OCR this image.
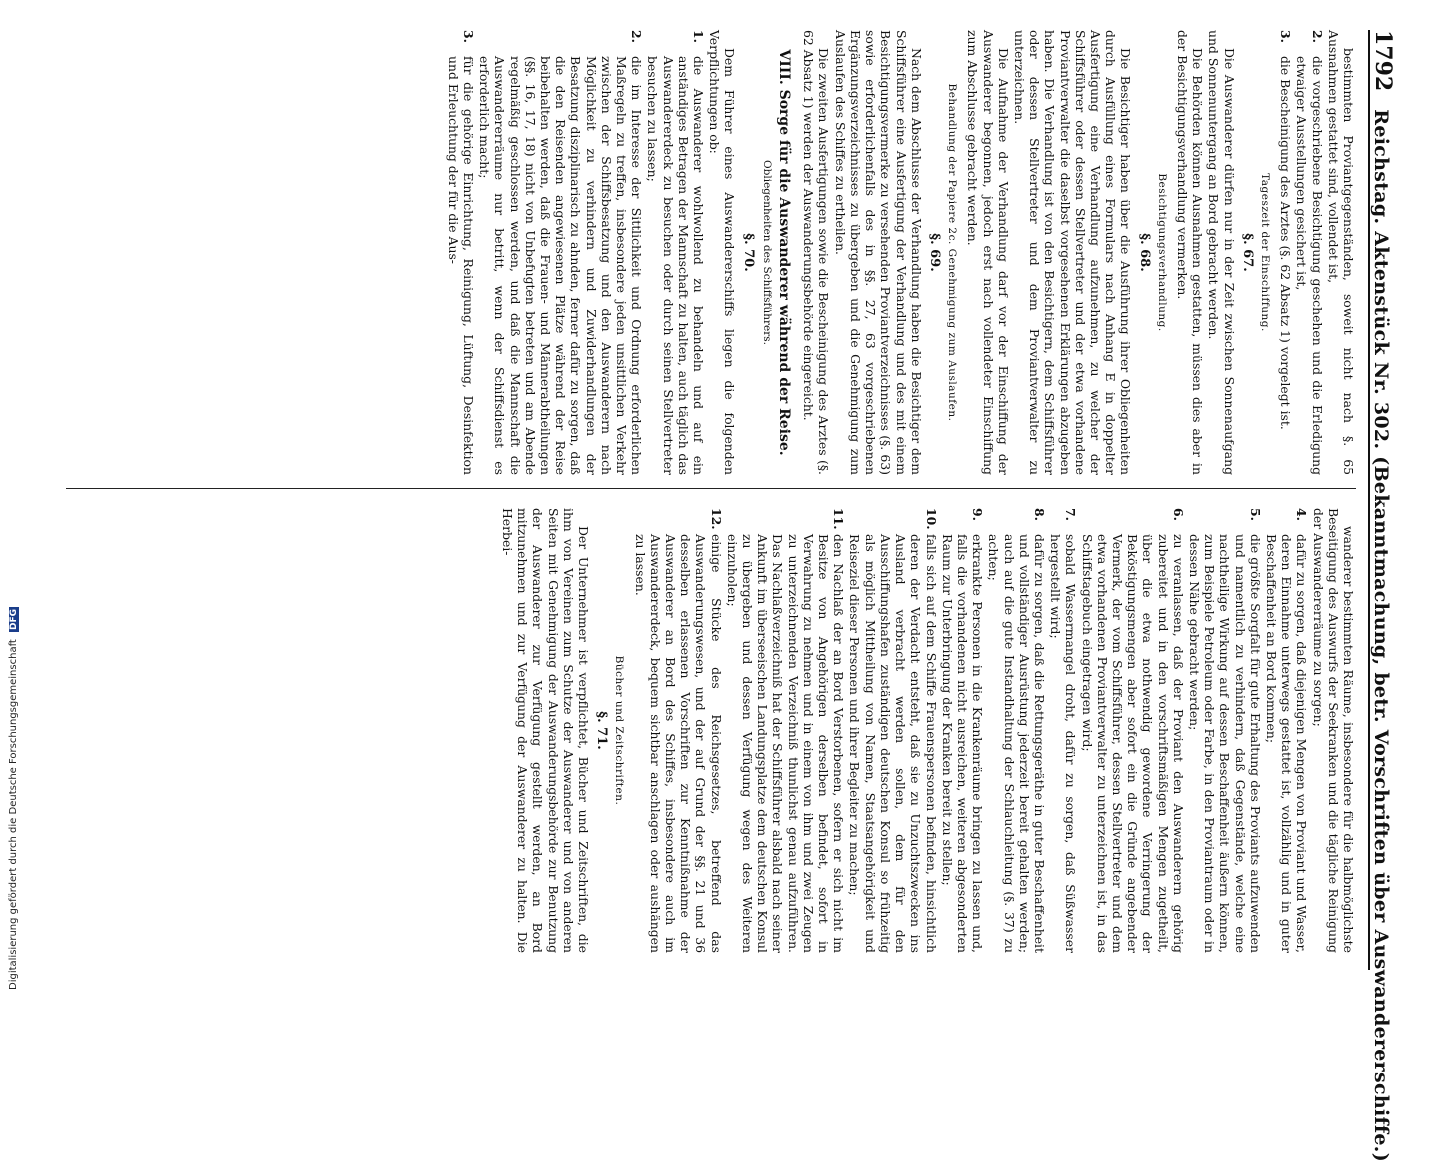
1792
Reichstag. Aktenstück Nr. 302. (Bekanntmachung, betr. Vorschriften über Auswandererschiffe.)
bestimmten Proviantgegenständen, soweit nicht nach §. 65 Ausnahmen gestattet sind, vollendet ist,
2.
die vorgeschriebene Besichtigung geschehen und die Erledigung etwaiger Ausstellungen gesichert ist,
3.
die Bescheinigung des Arztes (§. 62 Absatz 1) vorgelegt ist.
Tageszeit der Einschiffung.
§. 67.
Die Auswanderer dürfen nur in der Zeit zwischen Sonnenaufgang und Sonnenuntergang an Bord gebracht werden.
Die Behörden können Ausnahmen gestatten, müssen dies aber in der Besichtigungsverhandlung vermerken.
Besichtigungsverhandlung.
§. 68.
Die Besichtiger haben über die Ausführung ihrer Obliegenheiten durch Ausfüllung eines Formulars nach Anhang E in doppelter Ausfertigung eine Verhandlung aufzunehmen, zu welcher der Schiffsführer oder dessen Stellvertreter und der etwa vorhandene Proviantverwalter die daselbst vorgesehenen Erklärungen abzugeben haben. Die Verhandlung ist von den Besichtigern, dem Schiffsführer oder dessen Stellvertreter und dem Proviantverwalter zu unterzeichnen.
Die Aufnahme der Verhandlung darf vor der Einschiffung der Auswanderer begonnen, jedoch erst nach vollendeter Einschiffung zum Abschlusse gebracht werden.
Behandlung der Papiere 2c. Genehmigung zum Auslaufen.
§. 69.
Nach dem Abschlusse der Verhandlung haben die Besichtiger dem Schiffsführer eine Ausfertigung der Verhandlung und des mit einem Besichtigungsvermerke zu versehenden Proviantverzeichnisses (§. 63) sowie erforderlichenfalls des in §§. 27, 63 vorgeschriebenen Ergänzungsverzeichnisses zu übergeben und die Genehmigung zum Auslaufen des Schiffes zu ertheilen.
Die zweiten Ausfertigungen sowie die Bescheinigung des Arztes (§. 62 Absatz 1) werden der Auswanderungsbehörde eingereicht.
VIII. Sorge für die Auswanderer während der Reise.
Obliegenheiten des Schiffsführers.
§. 70.
Dem Führer eines Auswandererschiffs liegen die folgenden Verpflichtungen ob:
1.
die Auswanderer wohlwollend zu behandeln und auf ein anständiges Betragen der Mannschaft zu halten, auch täglich das Auswandererdeck zu besuchen oder durch seinen Stellvertreter besuchen zu lassen;
2.
die im Interesse der Sittlichkeit und Ordnung erforderlichen Maßregeln zu treffen, insbesondere jeden unsittlichen Verkehr zwischen der Schiffsbesatzung und den Auswanderern nach Möglichkeit zu verhindern und Zuwiderhandlungen der Besatzung disziplinarisch zu ahnden, ferner dafür zu sorgen, daß die den Reisenden angewiesenen Plätze während der Reise beibehalten werden, daß die Frauen- und Männerabtheilungen (§§. 16, 17, 18) nicht von Unbefugten betreten und am Abende regelmäßig geschlossen werden, und daß die Mannschaft die Auswandererräume nur betritt, wenn der Schiffsdienst es erforderlich macht;
3.
für die gehörige Einrichtung, Reinigung, Lüftung, Desinfektion und Erleuchtung der für die Aus-
wanderer bestimmten Räume, insbesondere für die halbmöglichste Beseitigung des Auswurfs der Seekranken und die tägliche Reinigung der Auswandererräume zu sorgen;
4.
dafür zu sorgen, daß diejenigen Mengen von Proviant und Wasser, deren Einnahme unterwegs gestattet ist, vollzählig und in guter Beschaffenheit an Bord kommen;
5.
die größte Sorgfalt für gute Erhaltung des Proviants aufzuwenden und namentlich zu verhindern, daß Gegenstände, welche eine nachtheilige Wirkung auf dessen Beschaffenheit äußern können, zum Beispiele Petroleum oder Farbe, in den Proviantraum oder in dessen Nähe gebracht werden;
6.
zu veranlassen, daß der Proviant den Auswanderern gehörig zubereitet und in den vorschriftsmäßigen Mengen zugetheilt, über die etwa nothwendig gewordene Verringerung der Beköstigungsmengen aber sofort ein die Gründe angebender Vermerk, der vom Schiffsführer, dessen Stellvertreter und dem etwa vorhandenen Proviantverwalter zu unterzeichnen ist, in das Schiffstagebuch eingetragen wird;
7.
sobald Wassermangel droht, dafür zu sorgen, daß Süßwasser hergestellt wird;
8.
dafür zu sorgen, daß die Rettungsgeräthe in guter Beschaffenheit und vollständiger Ausrüstung jederzeit bereit gehalten werden; auch auf die gute Instandhaltung der Schlauchleitung (§. 37) zu achten;
9.
erkrankte Personen in die Krankenräume bringen zu lassen und, falls die vorhandenen nicht ausreichen, weiteren abgesonderten Raum zur Unterbringung der Kranken bereit zu stellen;
10.
falls sich auf dem Schiffe Frauenspersonen befinden, hinsichtlich deren der Verdacht entsteht, daß sie zu Unzuchtszwecken ins Ausland verbracht werden sollen, dem für den Ausschiffungshafen zuständigen deutschen Konsul so frühzeitig als möglich Mittheilung von Namen, Staatsangehörigkeit und Reiseziel dieser Personen und ihrer Begleiter zu machen;
11.
den Nachlaß der an Bord Verstorbenen, sofern er sich nicht im Besitze von Angehörigen derselben befindet, sofort in Verwahrung zu nehmen und in einem von ihm und zwei Zeugen zu unterzeichnenden Verzeichniß thunlichst genau aufzuführen. Das Nachlaßverzeichniß hat der Schiffsführer alsbald nach seiner Ankunft im überseeischen Landungsplatze dem deutschen Konsul zu übergeben und dessen Verfügung wegen des Weiteren einzuholen;
12.
einige Stücke des Reichsgesetzes, betreffend das Auswanderungswesen, und der auf Grund der §§. 21 und 36 desselben erlassenen Vorschriften zur Kenntnißnahme der Auswanderer an Bord des Schiffes, insbesondere auch im Auswandererdeck, bequem sichtbar anschlagen oder aushängen zu lassen.
Bücher und Zeitschriften.
§. 71.
Der Unternehmer ist verpflichtet, Bücher und Zeitschriften, die ihm von Vereinen zum Schutze der Auswanderer und von anderen Seiten mit Genehmigung der Auswanderungsbehörde zur Benutzung der Auswanderer zur Verfügung gestellt werden, an Bord mitzunehmen und zur Verfügung der Auswanderer zu halten. Die Herbei-
Digitalisierung gefördert durch die Deutsche Forschungsgemeinschaft DFG
